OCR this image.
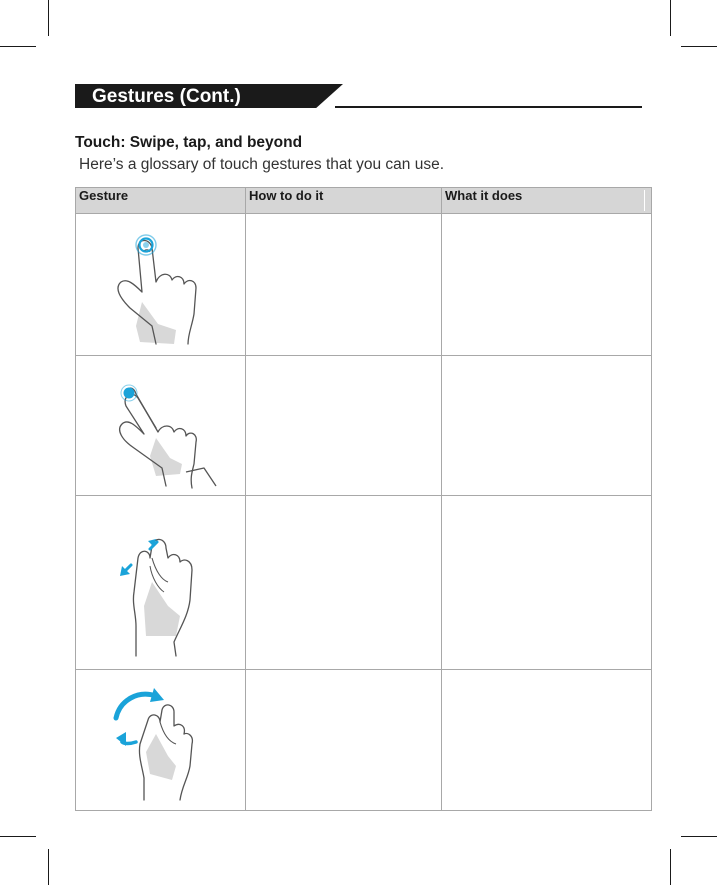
Gestures (Cont.)
Touch: Swipe, tap, and beyond

Here’s a glossary of touch gestures that you can use.

Gesture	How to do it	What it does
